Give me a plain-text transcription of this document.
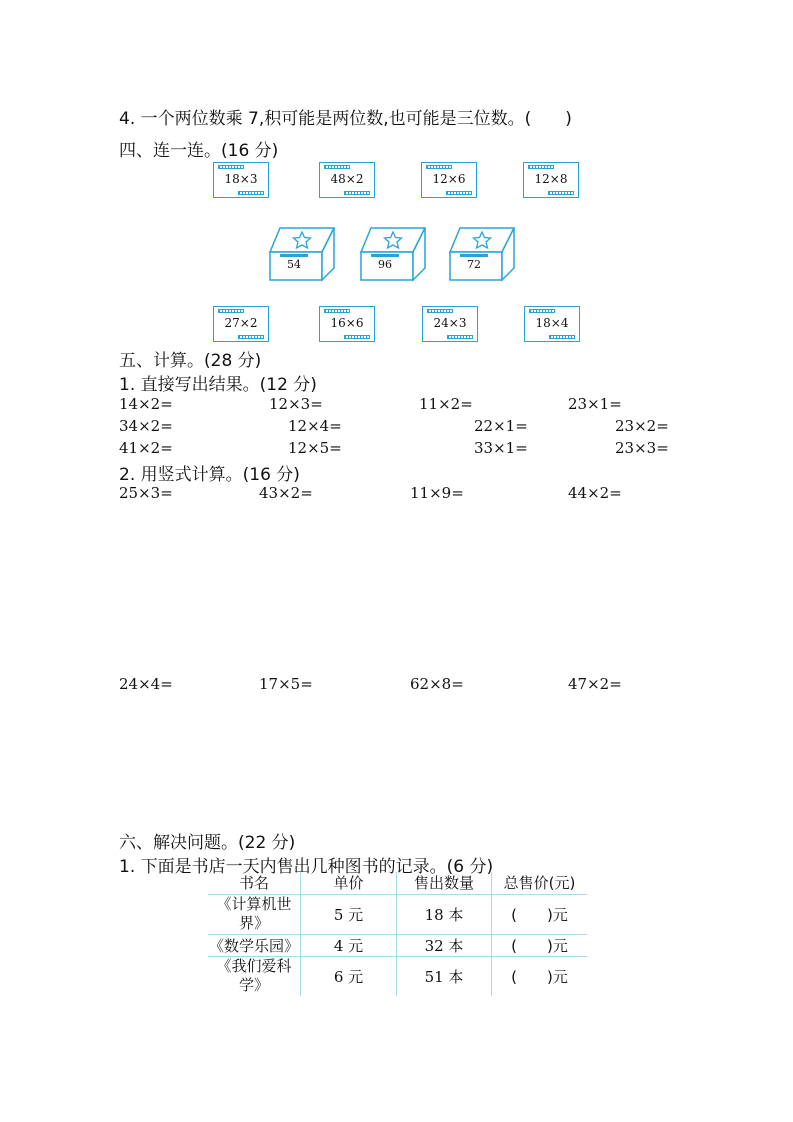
4. 一个两位数乘 7,积可能是两位数,也可能是三位数。(　　)
四、连一连。(16 分)
18×3	48×2	12×6	12×8
54	96	72
27×2	16×6	24×3	18×4
五、计算。(28 分)
1. 直接写出结果。(12 分)
14×2=	12×3=	11×2=	23×1=
34×2=	12×4=	22×1=	23×2=
41×2=	12×5=	33×1=	23×3=
2. 用竖式计算。(16 分)
25×3=	43×2=	11×9=	44×2=
24×4=	17×5=	62×8=	47×2=
六、解决问题。(22 分)
1. 下面是书店一天内售出几种图书的记录。(6 分)
书名	单价	售出数量	总售价(元)

《计算机世
界》	5 元	18 本	(　　)元

《数学乐园》	4 元	32 本	(　　)元

《我们爱科
学》	6 元	51 本	(　　)元
